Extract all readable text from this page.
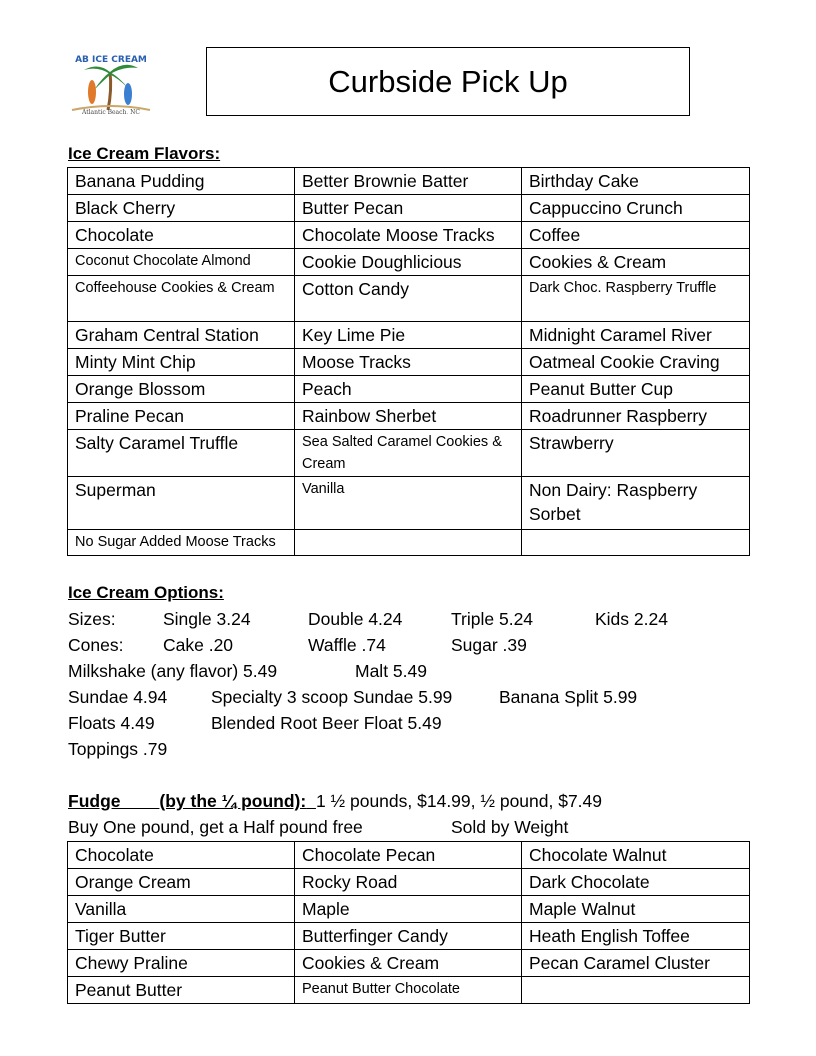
AB ICE CREAM
Atlantic Beach, NC
Curbside Pick Up
Ice Cream Flavors:
Banana Pudding	Better Brownie Batter	Birthday Cake
Black Cherry	Butter Pecan	Cappuccino Crunch
Chocolate	Chocolate Moose Tracks	Coffee
Coconut Chocolate Almond	Cookie Doughlicious	Cookies & Cream
Coffeehouse Cookies & Cream	Cotton Candy	Dark Choc. Raspberry Truffle
Graham Central Station	Key Lime Pie	Midnight Caramel River
Minty Mint Chip	Moose Tracks	Oatmeal Cookie Craving
Orange Blossom	Peach	Peanut Butter Cup
Praline Pecan	Rainbow Sherbet	Roadrunner Raspberry
Salty Caramel Truffle	Sea Salted Caramel Cookies & Cream	Strawberry
Superman	Vanilla	Non Dairy: Raspberry Sorbet
No Sugar Added Moose Tracks		
Ice Cream Options:
Sizes:	Single 3.24	Double 4.24	Triple 5.24	Kids 2.24
Cones: Cake .20	Waffle .74	Sugar .39
Milkshake (any flavor) 5.49	Malt 5.49
Sundae 4.94 Specialty 3 scoop Sundae 5.99	Banana Split 5.99
Floats 4.49	Blended Root Beer Float 5.49
Toppings .79
Fudge (by the ¼ pound): 1 ½ pounds, $14.99, ½ pound, $7.49
Buy One pound, get a Half pound free	Sold by Weight
Chocolate	Chocolate Pecan	Chocolate Walnut
Orange Cream	Rocky Road	Dark Chocolate
Vanilla	Maple	Maple Walnut
Tiger Butter	Butterfinger Candy	Heath English Toffee
Chewy Praline	Cookies & Cream	Pecan Caramel Cluster
Peanut Butter	Peanut Butter Chocolate	
